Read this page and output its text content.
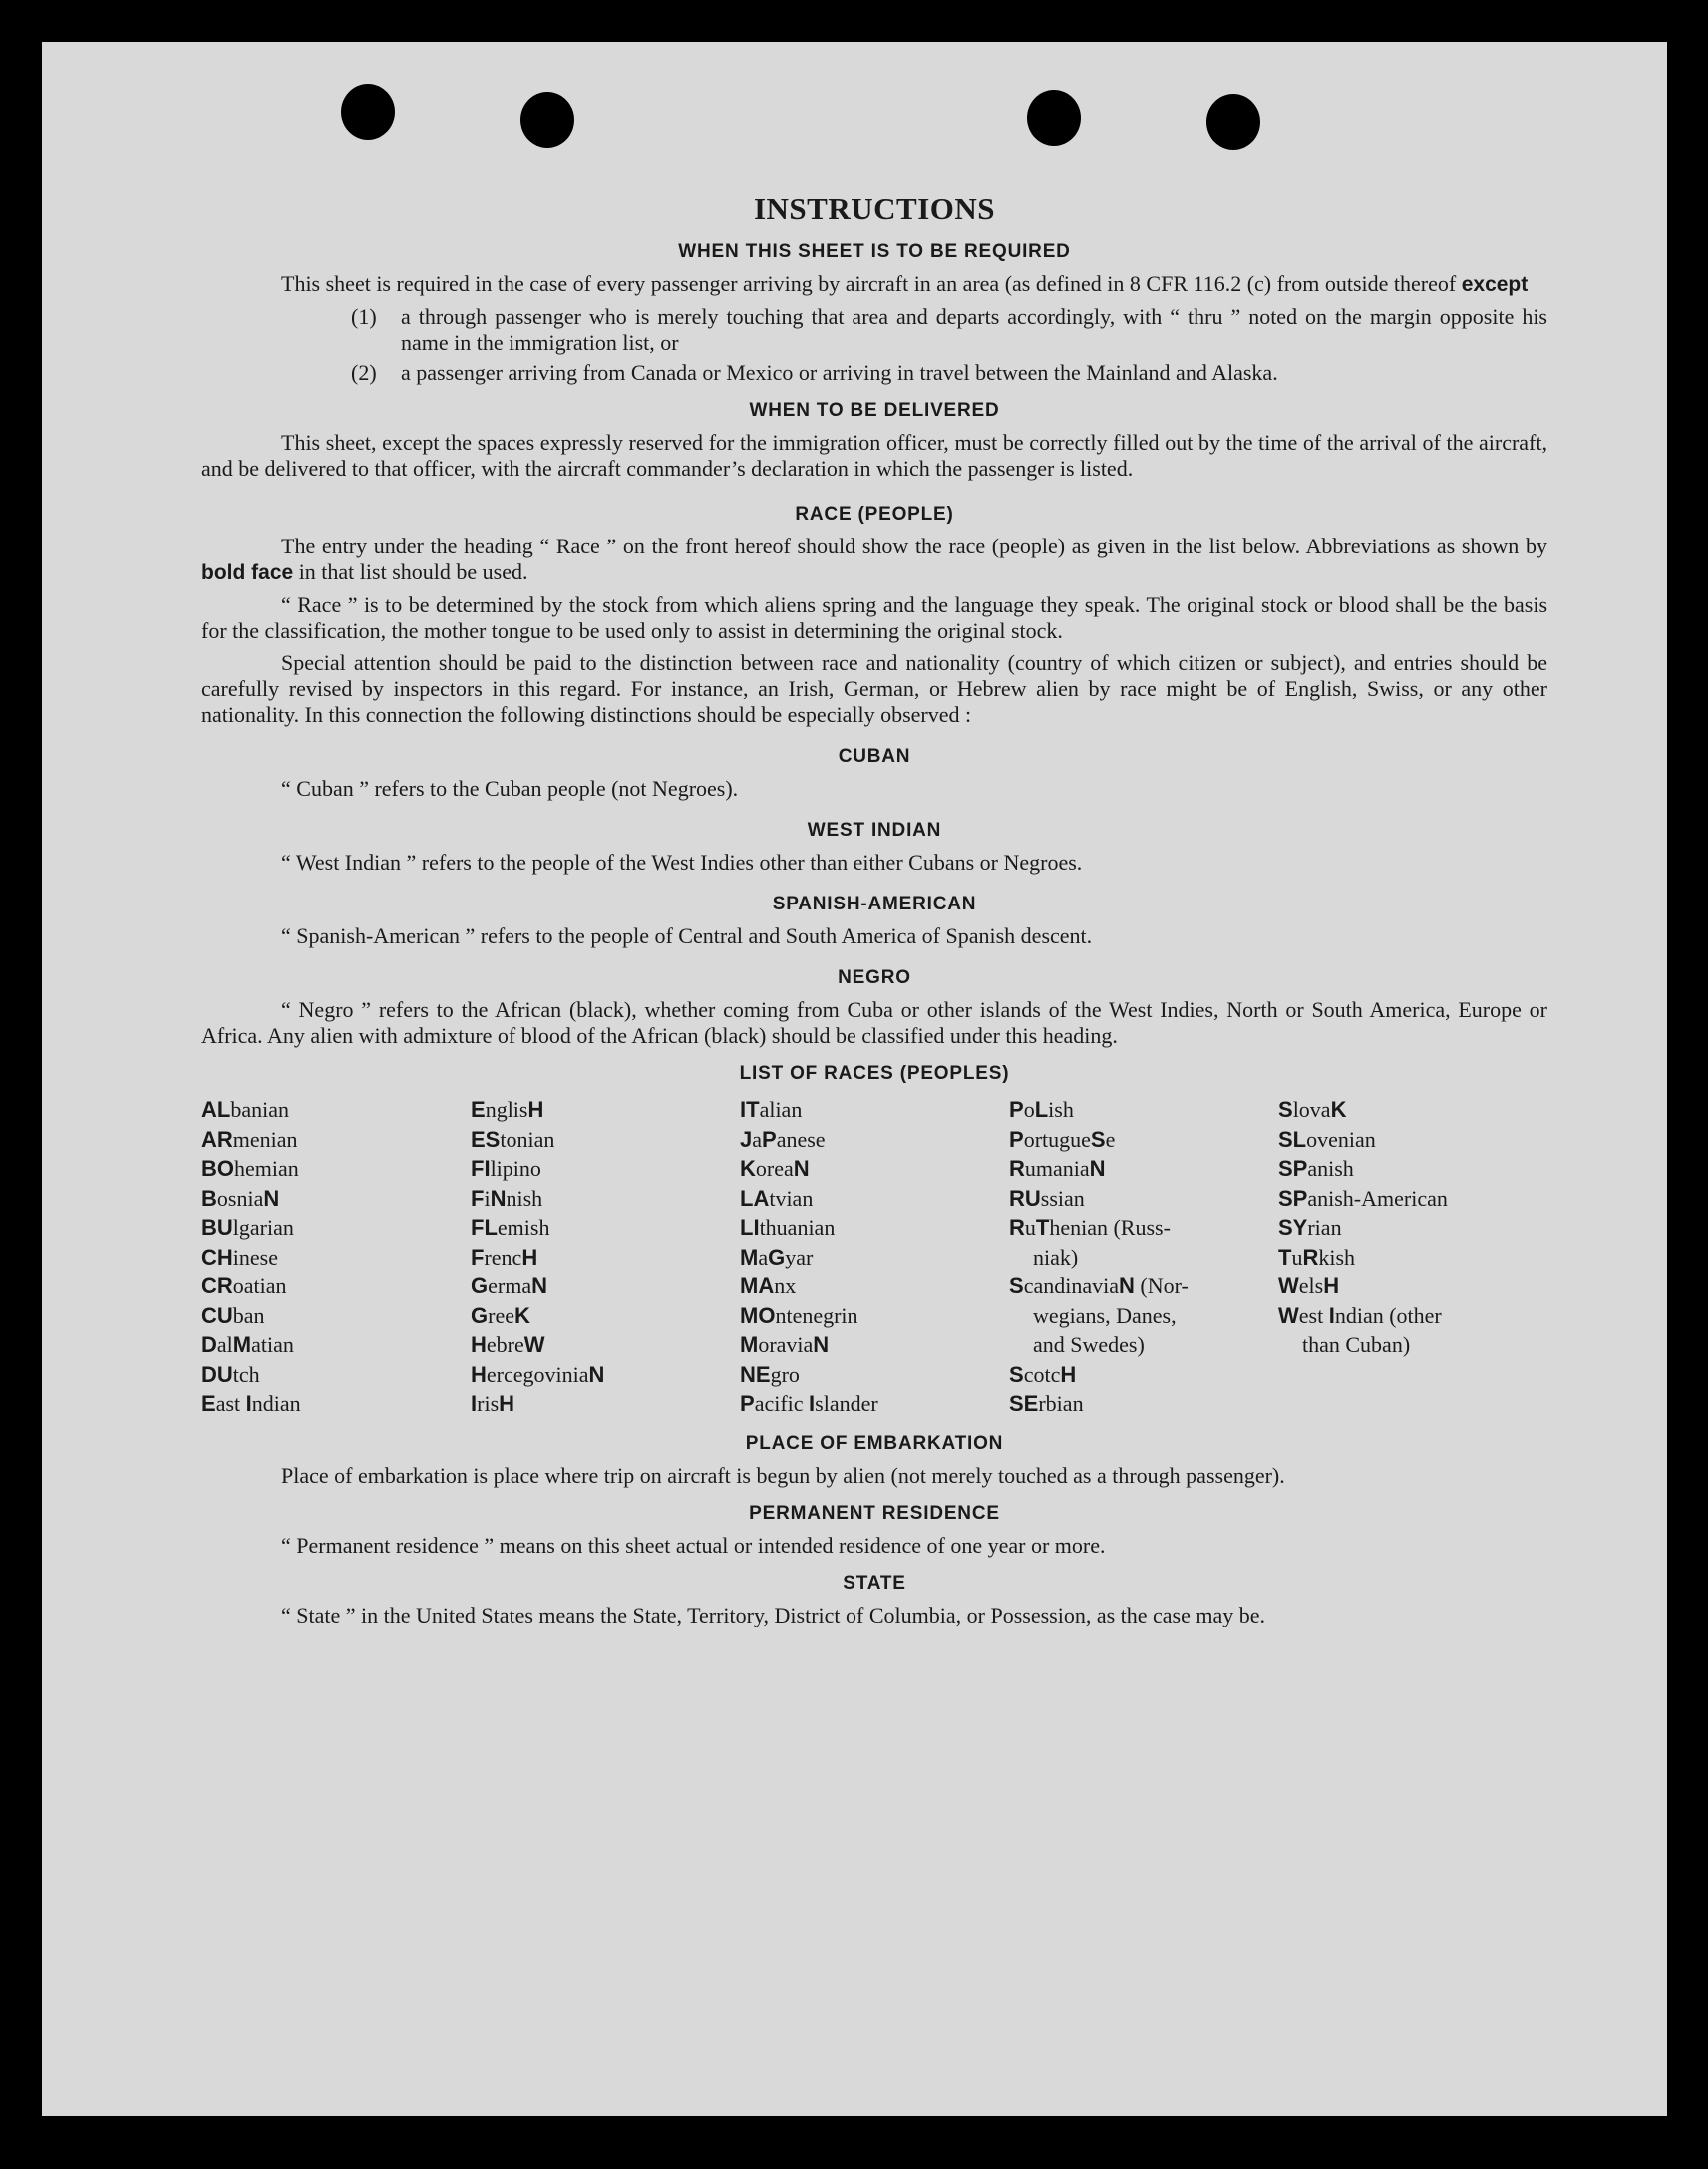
INSTRUCTIONS
WHEN THIS SHEET IS TO BE REQUIRED

This sheet is required in the case of every passenger arriving by aircraft in an area (as defined in 8 CFR 116.2 (c) from outside thereof except

(1)	a through passenger who is merely touching that area and departs accordingly, with “ thru ” noted on the margin opposite his name in the immigration list, or
(2)	a passenger arriving from Canada or Mexico or arriving in travel between the Mainland and Alaska.
WHEN TO BE DELIVERED

This sheet, except the spaces expressly reserved for the immigration officer, must be correctly filled out by the time of the arrival of the aircraft, and be delivered to that officer, with the aircraft commander’s declaration in which the passenger is listed.

RACE (PEOPLE)

The entry under the heading “ Race ” on the front hereof should show the race (people) as given in the list below. Abbreviations as shown by bold face in that list should be used.

“ Race ” is to be determined by the stock from which aliens spring and the language they speak. The original stock or blood shall be the basis for the classification, the mother tongue to be used only to assist in determining the original stock.

Special attention should be paid to the distinction between race and nationality (country of which citizen or subject), and entries should be carefully revised by inspectors in this regard. For instance, an Irish, German, or Hebrew alien by race might be of English, Swiss, or any other nationality. In this connection the following distinctions should be especially observed :

CUBAN

“ Cuban ” refers to the Cuban people (not Negroes).

WEST INDIAN

“ West Indian ” refers to the people of the West Indies other than either Cubans or Negroes.

SPANISH-AMERICAN

“ Spanish-American ” refers to the people of Central and South America of Spanish descent.

NEGRO

“ Negro ” refers to the African (black), whether coming from Cuba or other islands of the West Indies, North or South America, Europe or Africa. Any alien with admixture of blood of the African (black) should be classified under this heading.

LIST OF RACES (PEOPLES)
ALbanian
ARmenian
BOhemian
BosniaN
BUlgarian
CHinese
CRoatian
CUban
DalMatian
DUtch
East Indian
EnglisH
EStonian
FIlipino
FiNnish
FLemish
FrencH
GermaN
GreeK
HebreW
HercegoviniaN
IrisH
ITalian
JaPanese
KoreaN
LAtvian
LIthuanian
MaGyar
MAnx
MOntenegrin
MoraviaN
NEgro
Pacific Islander
PoLish
PortugueSe
RumaniaN
RUssian
RuThenian (Russ-
niak)
ScandinaviaN (Nor-
wegians, Danes,
and Swedes)
ScotcH
SErbian
SlovaK
SLovenian
SPanish
SPanish-American
SYrian
TuRkish
WelsH
West Indian (other
than Cuban)
PLACE OF EMBARKATION

Place of embarkation is place where trip on aircraft is begun by alien (not merely touched as a through passenger).

PERMANENT RESIDENCE

“ Permanent residence ” means on this sheet actual or intended residence of one year or more.

STATE

“ State ” in the United States means the State, Territory, District of Columbia, or Possession, as the case may be.
